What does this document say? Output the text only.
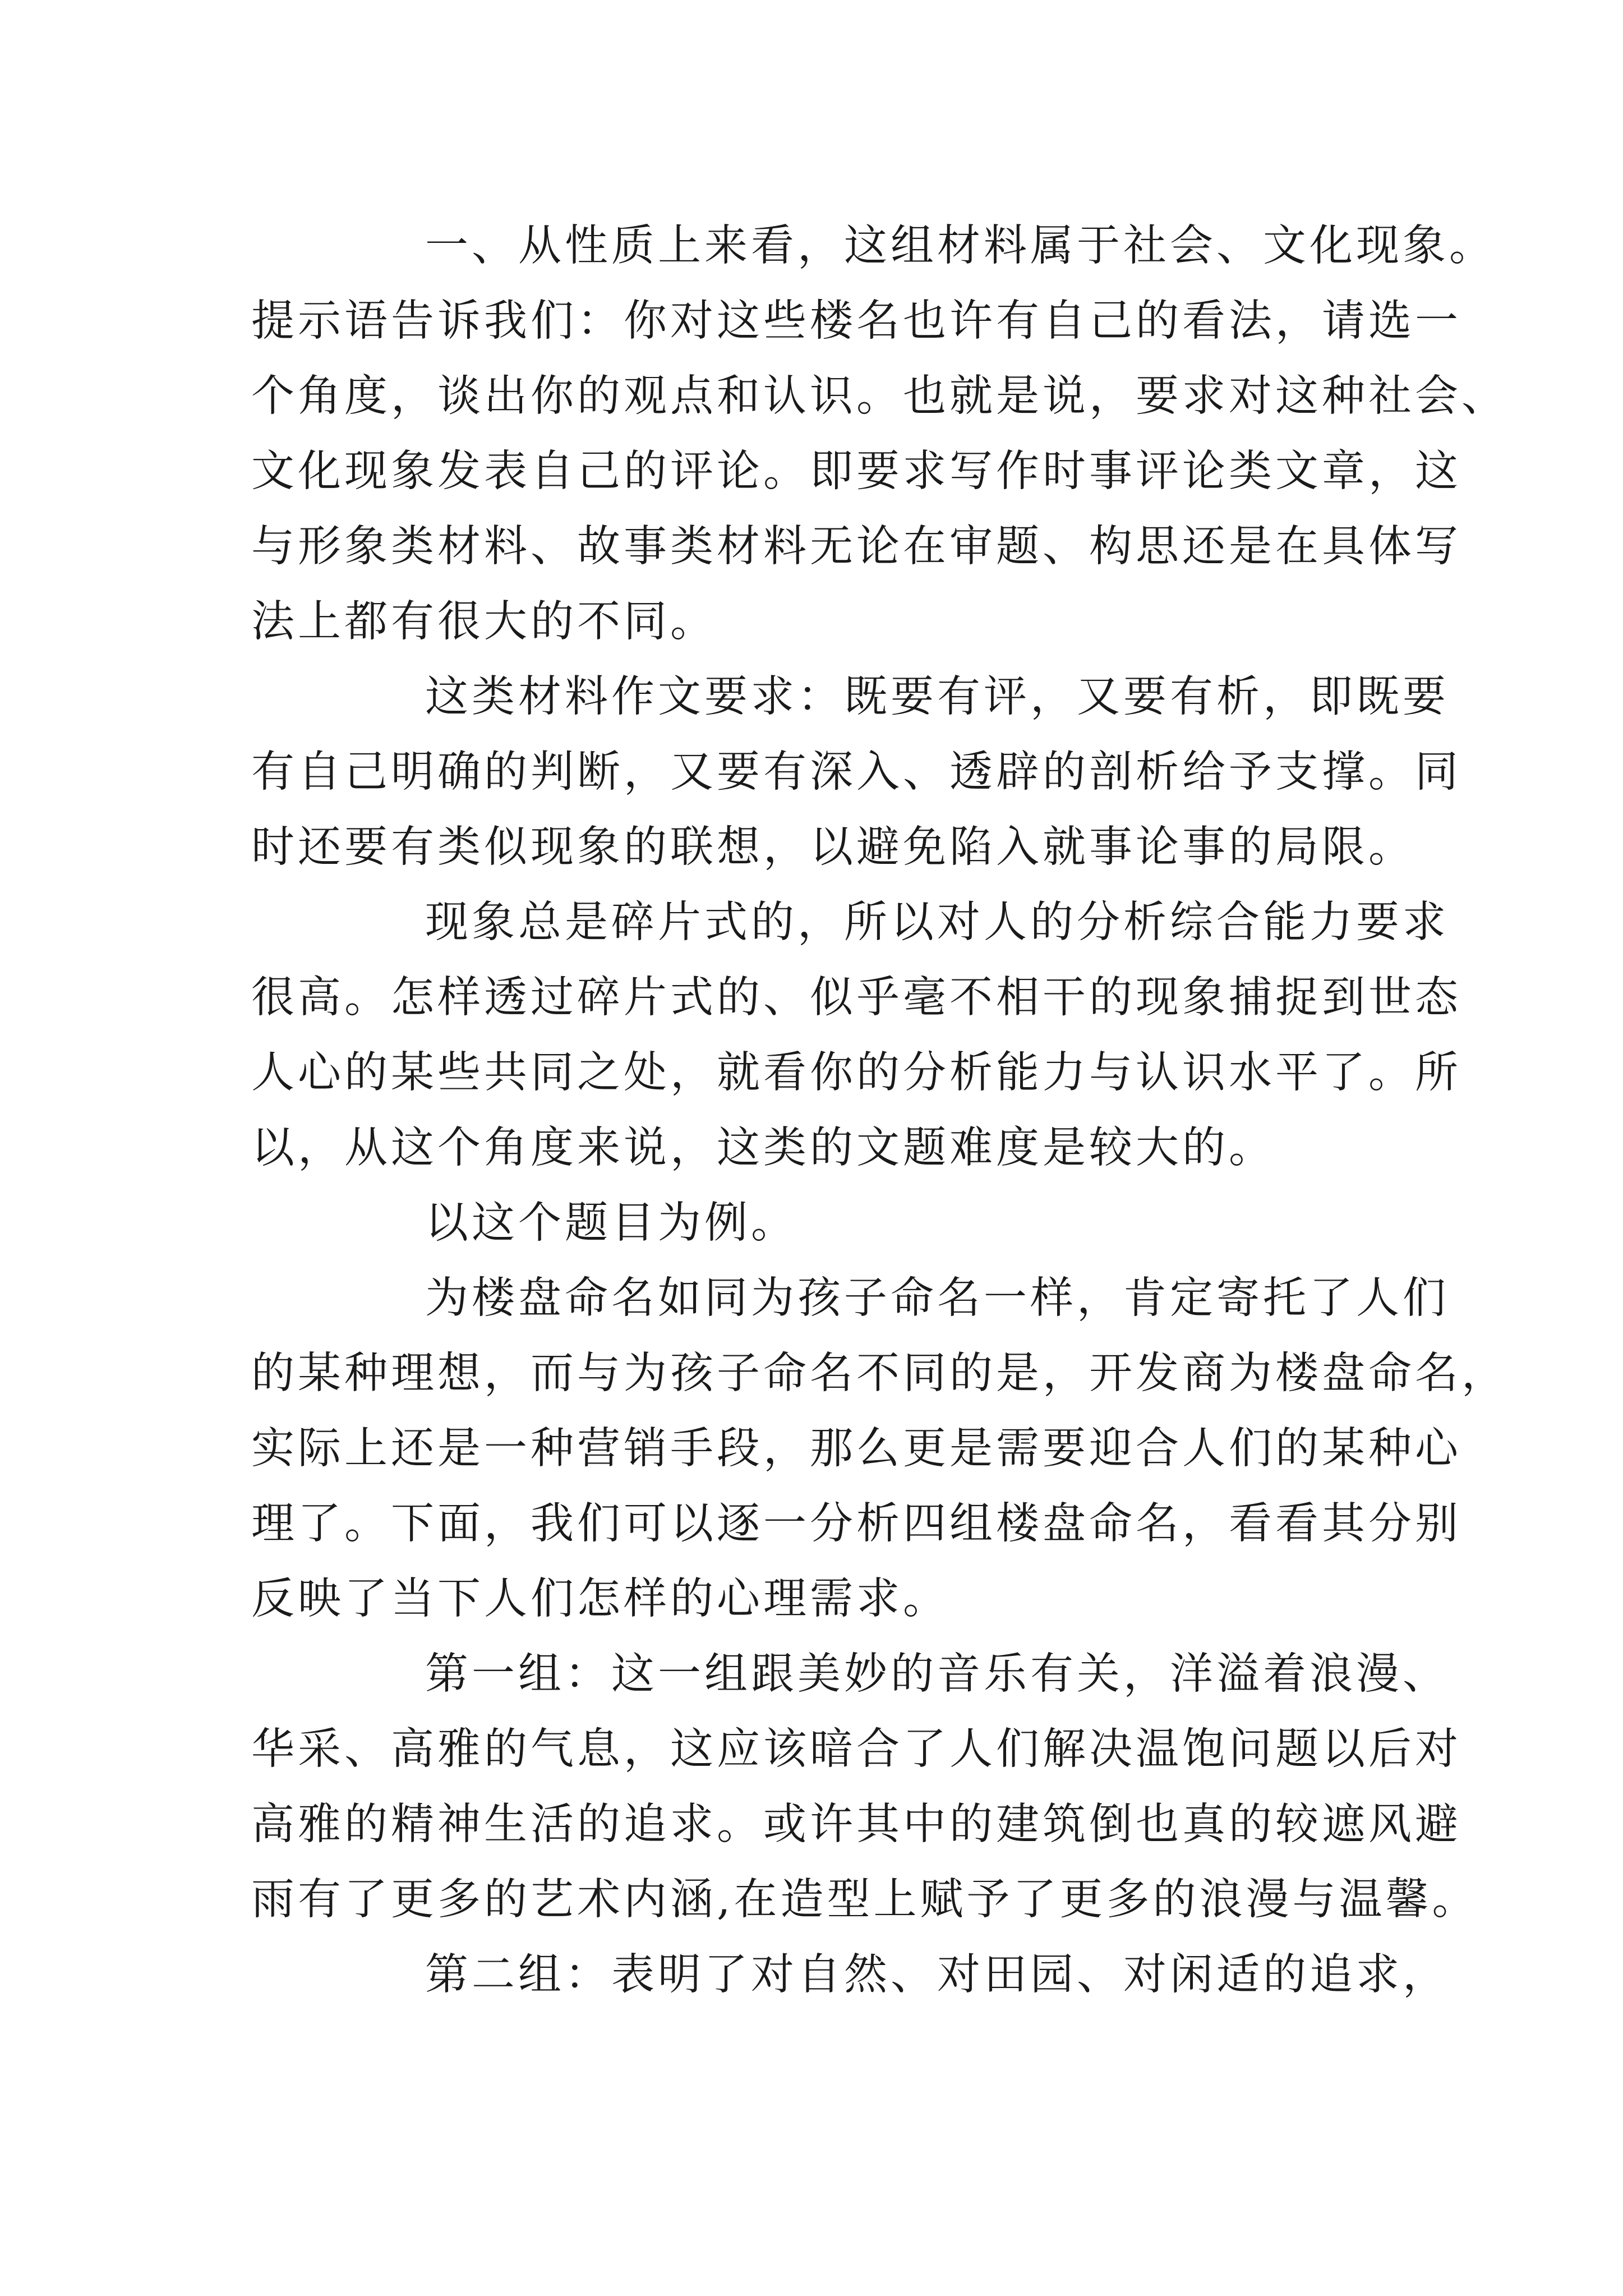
一、从性质上来看，这组材料属于社会、文化现象。
提示语告诉我们：你对这些楼名也许有自己的看法，请选一
个角度，谈出你的观点和认识。也就是说，要求对这种社会、
文化现象发表自己的评论。即要求写作时事评论类文章，这
与形象类材料、故事类材料无论在审题、构思还是在具体写
法上都有很大的不同。
这类材料作文要求：既要有评，又要有析，即既要
有自己明确的判断，又要有深入、透辟的剖析给予支撑。同
时还要有类似现象的联想，以避免陷入就事论事的局限。
现象总是碎片式的，所以对人的分析综合能力要求
很高。怎样透过碎片式的、似乎毫不相干的现象捕捉到世态
人心的某些共同之处，就看你的分析能力与认识水平了。所
以，从这个角度来说，这类的文题难度是较大的。
以这个题目为例。
为楼盘命名如同为孩子命名一样，肯定寄托了人们
的某种理想，而与为孩子命名不同的是，开发商为楼盘命名，
实际上还是一种营销手段，那么更是需要迎合人们的某种心
理了。下面，我们可以逐一分析四组楼盘命名，看看其分别
反映了当下人们怎样的心理需求。
第一组：这一组跟美妙的音乐有关，洋溢着浪漫、
华采、高雅的气息，这应该暗合了人们解决温饱问题以后对
高雅的精神生活的追求。或许其中的建筑倒也真的较遮风避
雨有了更多的艺术内涵,在造型上赋予了更多的浪漫与温馨。
第二组：表明了对自然、对田园、对闲适的追求，
